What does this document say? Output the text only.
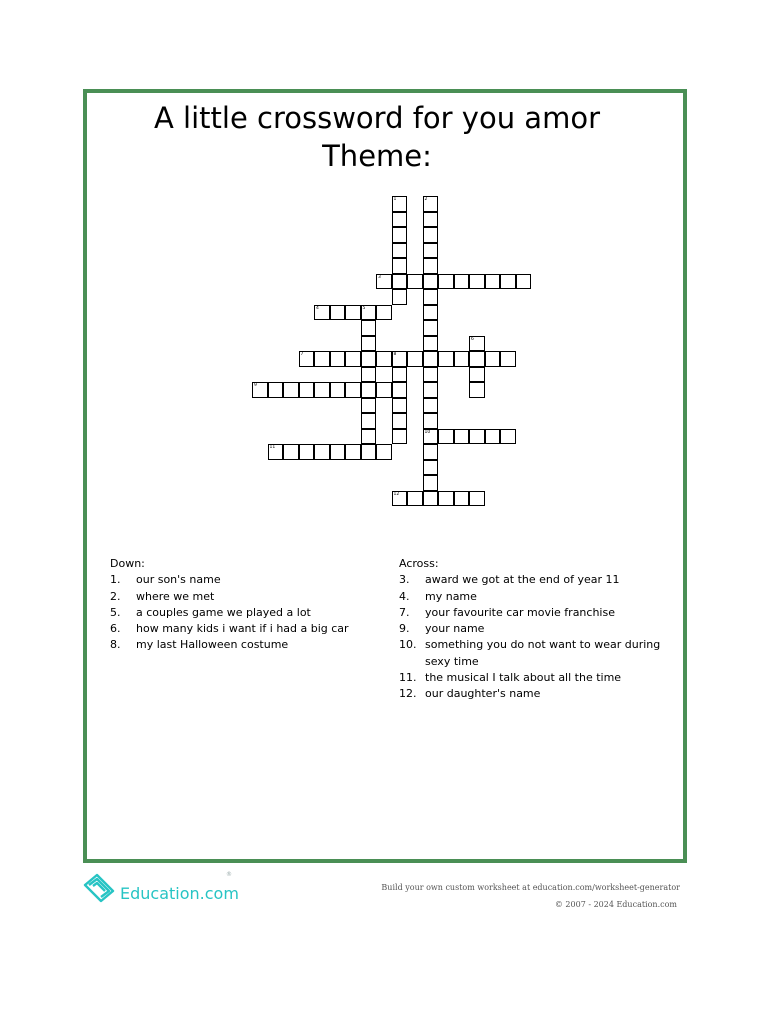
A little crossword for you amor
Theme:
1	2
10
3
4	5
6
7	8
9
11
12
Down:
1. our son's name
2. where we met
5. a couples game we played a lot
6. how many kids i want if i had a big car
8. my last Halloween costume
Across:
3. award we got at the end of year 11
4. my name
7. your favourite car movie franchise
9. your name
10. something you do not want to wear during sexy time
11. the musical I talk about all the time
12. our daughter's name
Education.com
®
Build your own custom worksheet at education.com/worksheet-generator
© 2007 - 2024 Education.com
